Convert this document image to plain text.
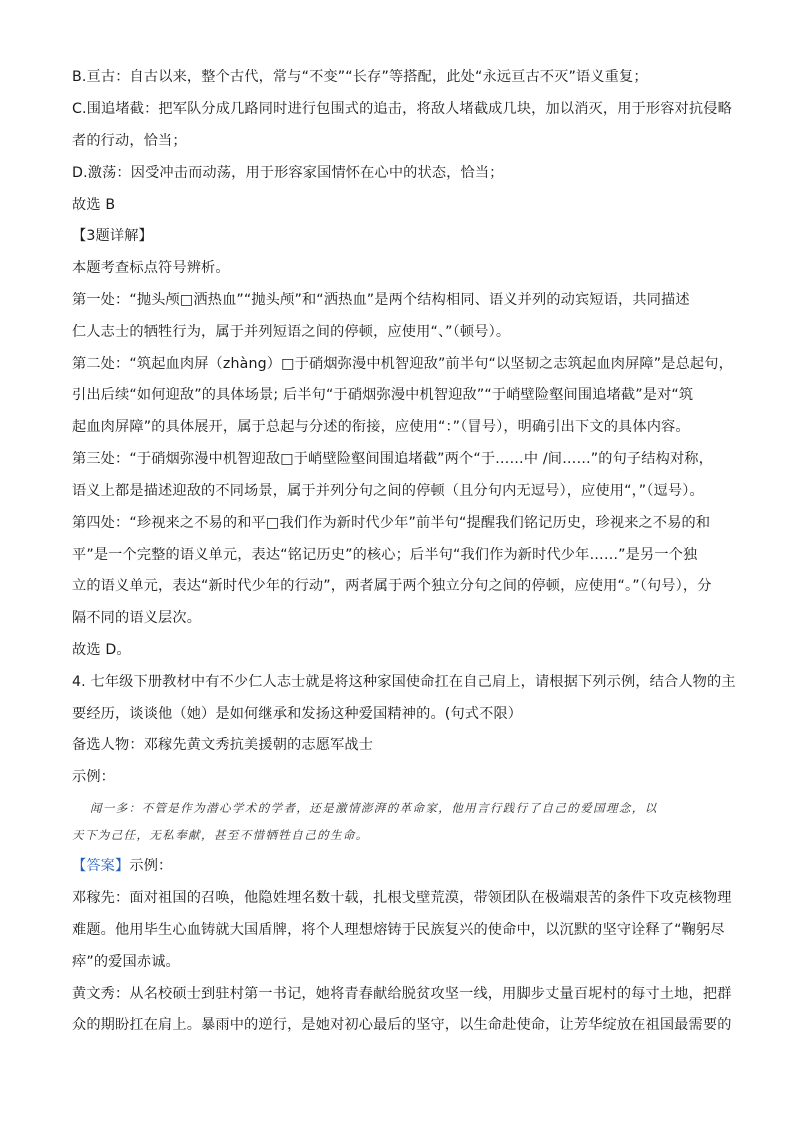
B.亘古：自古以来，整个古代，常与“不变”“长存”等搭配，此处“永远亘古不灭”语义重复；
C.围追堵截：把军队分成几路同时进行包围式的追击，将敌人堵截成几块，加以消灭，用于形容对抗侵略
者的行动，恰当；
D.激荡：因受冲击而动荡，用于形容家国情怀在心中的状态，恰当；
故选 B
【3题详解】
本题考查标点符号辨析。
第一处：“抛头颅□洒热血”“抛头颅”和“洒热血”是两个结构相同、语义并列的动宾短语，共同描述
仁人志士的牺牲行为，属于并列短语之间的停顿，应使用“、”（顿号）。
第二处：“筑起血肉屏（zhàng）□于硝烟弥漫中机智迎敌”前半句“以坚韧之志筑起血肉屏障”是总起句，
引出后续“如何迎敌”的具体场景; 后半句“于硝烟弥漫中机智迎敌”“于峭壁险壑间围追堵截”是对“筑
起血肉屏障”的具体展开，属于总起与分述的衔接，应使用“：”（冒号），明确引出下文的具体内容。
第三处：“于硝烟弥漫中机智迎敌□于峭壁险壑间围追堵截”两个“于……中 /间……”的句子结构对称，
语义上都是描述迎敌的不同场景，属于并列分句之间的停顿（且分句内无逗号），应使用“，”（逗号）。
第四处：“珍视来之不易的和平□我们作为新时代少年”前半句“提醒我们铭记历史，珍视来之不易的和
平”是一个完整的语义单元，表达“铭记历史”的核心；后半句“我们作为新时代少年……”是另一个独
立的语义单元，表达“新时代少年的行动”，两者属于两个独立分句之间的停顿，应使用“。”（句号），分
隔不同的语义层次。
故选 D。
4. 七年级下册教材中有不少仁人志士就是将这种家国使命扛在自己肩上，请根据下列示例，结合人物的主
要经历，谈谈他（她）是如何继承和发扬这种爱国精神的。(句式不限）
备选人物：邓稼先黄文秀抗美援朝的志愿军战士
示例：
闻一多：不管是作为潜心学术的学者，还是激情澎湃的革命家，他用言行践行了自己的爱国理念，以
天下为己任，无私奉献，甚至不惜牺牲自己的生命。
【答案】示例：
邓稼先：面对祖国的召唤，他隐姓埋名数十载，扎根戈壁荒漠，带领团队在极端艰苦的条件下攻克核物理
难题。他用毕生心血铸就大国盾牌，将个人理想熔铸于民族复兴的使命中，以沉默的坚守诠释了“鞠躬尽
瘁”的爱国赤诚。
黄文秀：从名校硕士到驻村第一书记，她将青春献给脱贫攻坚一线，用脚步丈量百坭村的每寸土地，把群
众的期盼扛在肩上。暴雨中的逆行，是她对初心最后的坚守，以生命赴使命，让芳华绽放在祖国最需要的
